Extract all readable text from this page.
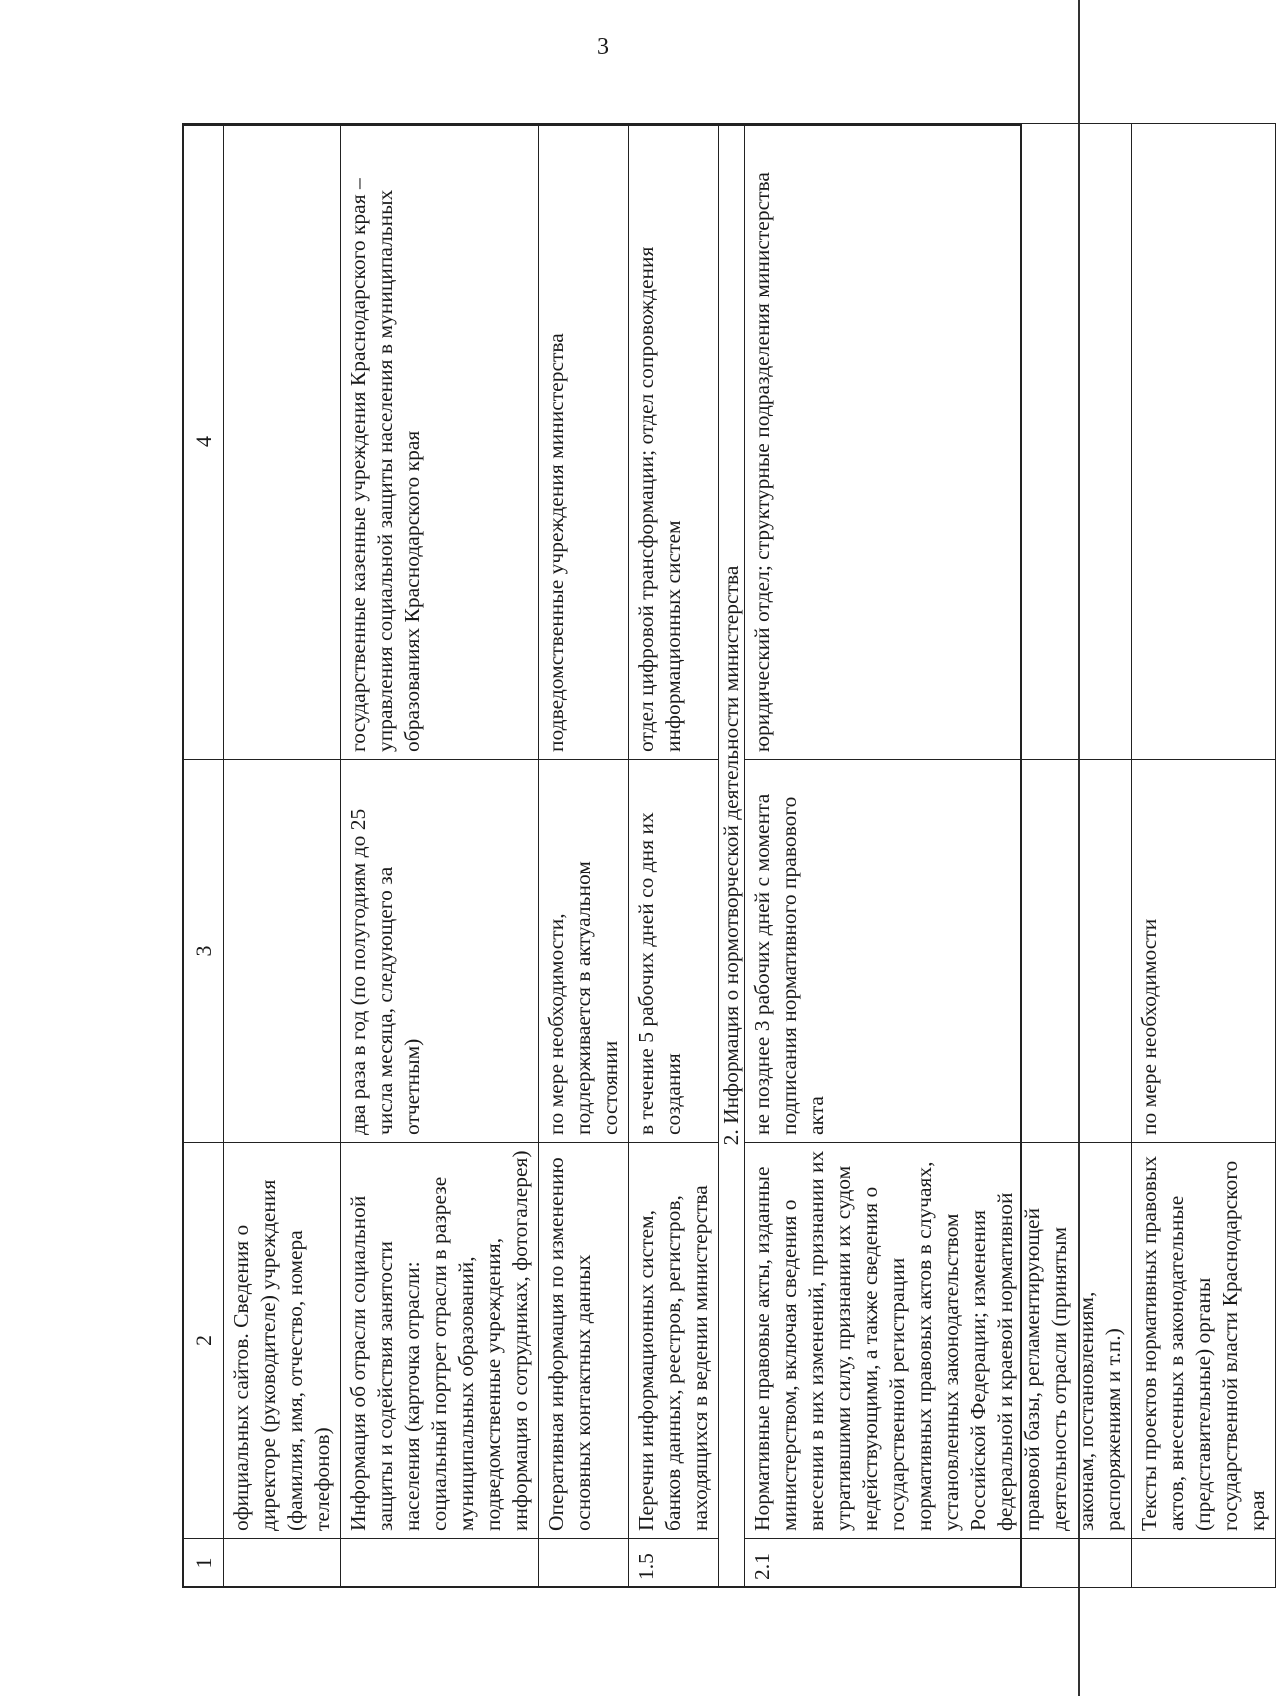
3
1	2	3	4
	официальных сайтов. Сведения о директоре (руководителе) учреждения (фамилия, имя, отчество, номера телефонов)		
	Информация об отрасли социальной защиты и содействия занятости населения (карточка отрасли: социальный портрет отрасли в разрезе муниципальных образований, подведомственные учреждения, информация о сотрудниках, фотогалерея)	два раза в год (по полугодиям до 25 числа месяца, следующего за отчетным)	государственные казенные учреждения Краснодарского края – управления социальной защиты населения в муниципальных образованиях Краснодарского края
	Оперативная информация по изменению основных контактных данных	по мере необходимости, подлерживается в актуальном состоянии	подведомственные учреждения министерства
1.5	Перечни информационных систем, банков данных, реестров, регистров, находящихся в ведении министерства	в течение 5 рабочих дней со дня их создания	отдел цифровой трансформации; отдел сопровождения информационных систем
2. Информация о нормотворческой деятельности министерства			
2.1	Нормативные правовые акты, изданные министерством, включая сведения о внесении в них изменений, признании их утратившими силу, признании их судом недействующими, а также сведения о государственной регистрации нормативных правовых актов в случаях, установленных законодательством Российской Федерации; изменения федеральной и краевой нормативной правовой базы, регламентирующей деятельность отрасли (принятым законам, постановлениям, распоряжениям и т.п.)	не позднее 3 рабочих дней с момента подписания нормативного правового акта	юридический отдел; структурные подразделения министерства
	Тексты проектов нормативных правовых актов, внесенных в законодательные (представительные) органы государственной власти Краснодарского края	по мере необходимости	
